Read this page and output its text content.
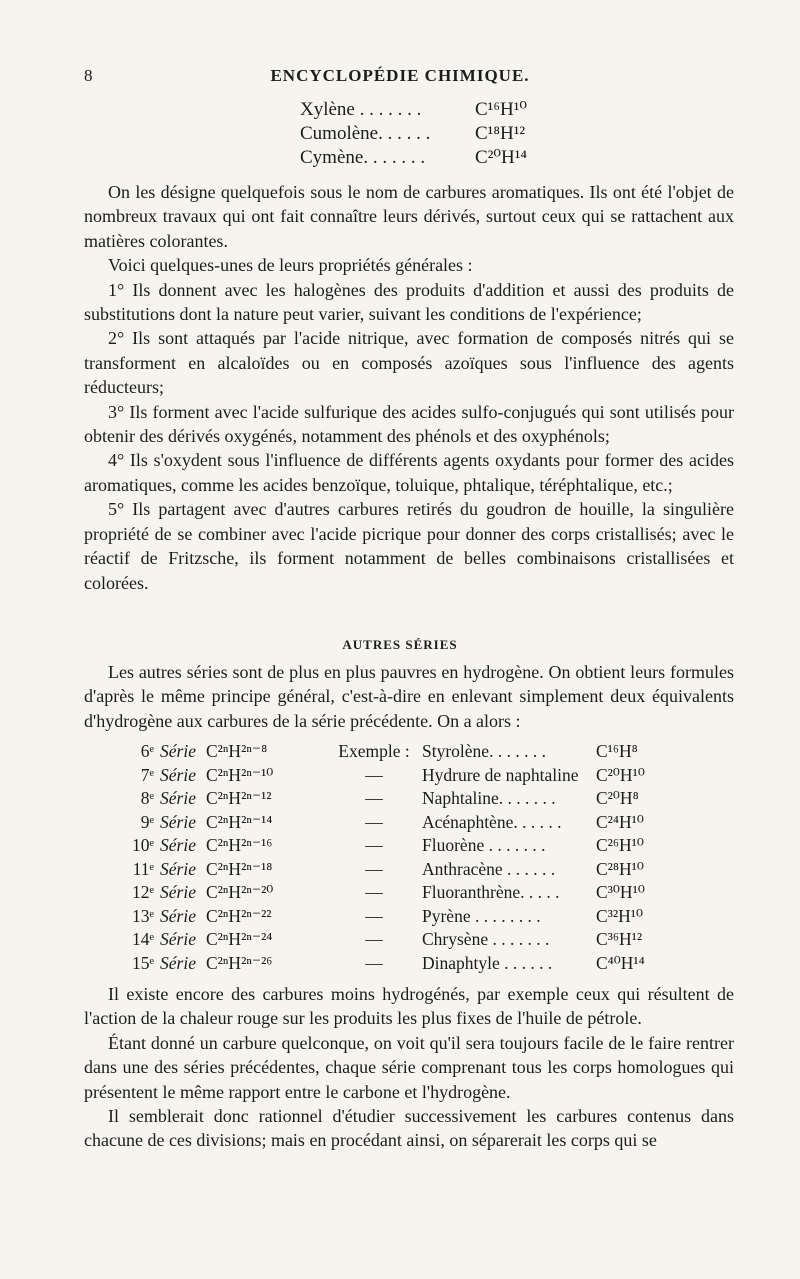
8	ENCYCLOPÉDIE CHIMIQUE.
Xylène . . . . . . .	C¹⁶H¹⁰
Cumolène. . . . . . C¹⁸H¹²
Cymène. . . . . . .	C²⁰H¹⁴

On les désigne quelquefois sous le nom de carbures aromatiques. Ils ont été l'objet de nombreux travaux qui ont fait connaître leurs dérivés, surtout ceux qui se rattachent aux matières colorantes.

Voici quelques-unes de leurs propriétés générales :

1° Ils donnent avec les halogènes des produits d'addition et aussi des produits de substitutions dont la nature peut varier, suivant les conditions de l'expérience;

2° Ils sont attaqués par l'acide nitrique, avec formation de composés nitrés qui se transforment en alcaloïdes ou en composés azoïques sous l'influence des agents réducteurs;

3° Ils forment avec l'acide sulfurique des acides sulfo-conjugués qui sont utilisés pour obtenir des dérivés oxygénés, notamment des phénols et des oxyphénols;

4° Ils s'oxydent sous l'influence de différents agents oxydants pour former des acides aromatiques, comme les acides benzoïque, toluique, phtalique, téréphtalique, etc.;

5° Ils partagent avec d'autres carbures retirés du goudron de houille, la singulière propriété de se combiner avec l'acide picrique pour donner des corps cristallisés; avec le réactif de Fritzsche, ils forment notamment de belles combinaisons cristallisées et colorées.

AUTRES SÉRIES

Les autres séries sont de plus en plus pauvres en hydrogène. On obtient leurs formules d'après le même principe général, c'est-à-dire en enlevant simplement deux équivalents d'hydrogène aux carbures de la série précédente. On a alors :

6ᵉ Série C²ⁿH²ⁿ⁻⁸	Exemple : Styrolène. . . . . . .	C¹⁶H⁸
7ᵉ Série C²ⁿH²ⁿ⁻¹⁰	— Hydrure de naphtaline C²⁰H¹⁰
8ᵉ Série C²ⁿH²ⁿ⁻¹²	— Naphtaline. . . . . . . C²⁰H⁸
9ᵉ Série C²ⁿH²ⁿ⁻¹⁴	— Acénaphtène. . . . . . C²⁴H¹⁰
10ᵉ Série C²ⁿH²ⁿ⁻¹⁶	— Fluorène . . . . . . .	C²⁶H¹⁰
11ᵉ Série C²ⁿH²ⁿ⁻¹⁸	— Anthracène . . . . . . C²⁸H¹⁰
12ᵉ Série C²ⁿH²ⁿ⁻²⁰	— Fluoranthrène. . . . . C³⁰H¹⁰
13ᵉ Série C²ⁿH²ⁿ⁻²²	— Pyrène . . . . . . . .	C³²H¹⁰
14ᵉ Série C²ⁿH²ⁿ⁻²⁴	— Chrysène . . . . . . .	C³⁶H¹²
15ᵉ Série C²ⁿH²ⁿ⁻²⁶	— Dinaphtyle . . . . . . C⁴⁰H¹⁴

Il existe encore des carbures moins hydrogénés, par exemple ceux qui résultent de l'action de la chaleur rouge sur les produits les plus fixes de l'huile de pétrole.

Étant donné un carbure quelconque, on voit qu'il sera toujours facile de le faire rentrer dans une des séries précédentes, chaque série comprenant tous les corps homologues qui présentent le même rapport entre le carbone et l'hydrogène.

Il semblerait donc rationnel d'étudier successivement les carbures contenus dans chacune de ces divisions; mais en procédant ainsi, on séparerait les corps qui se
